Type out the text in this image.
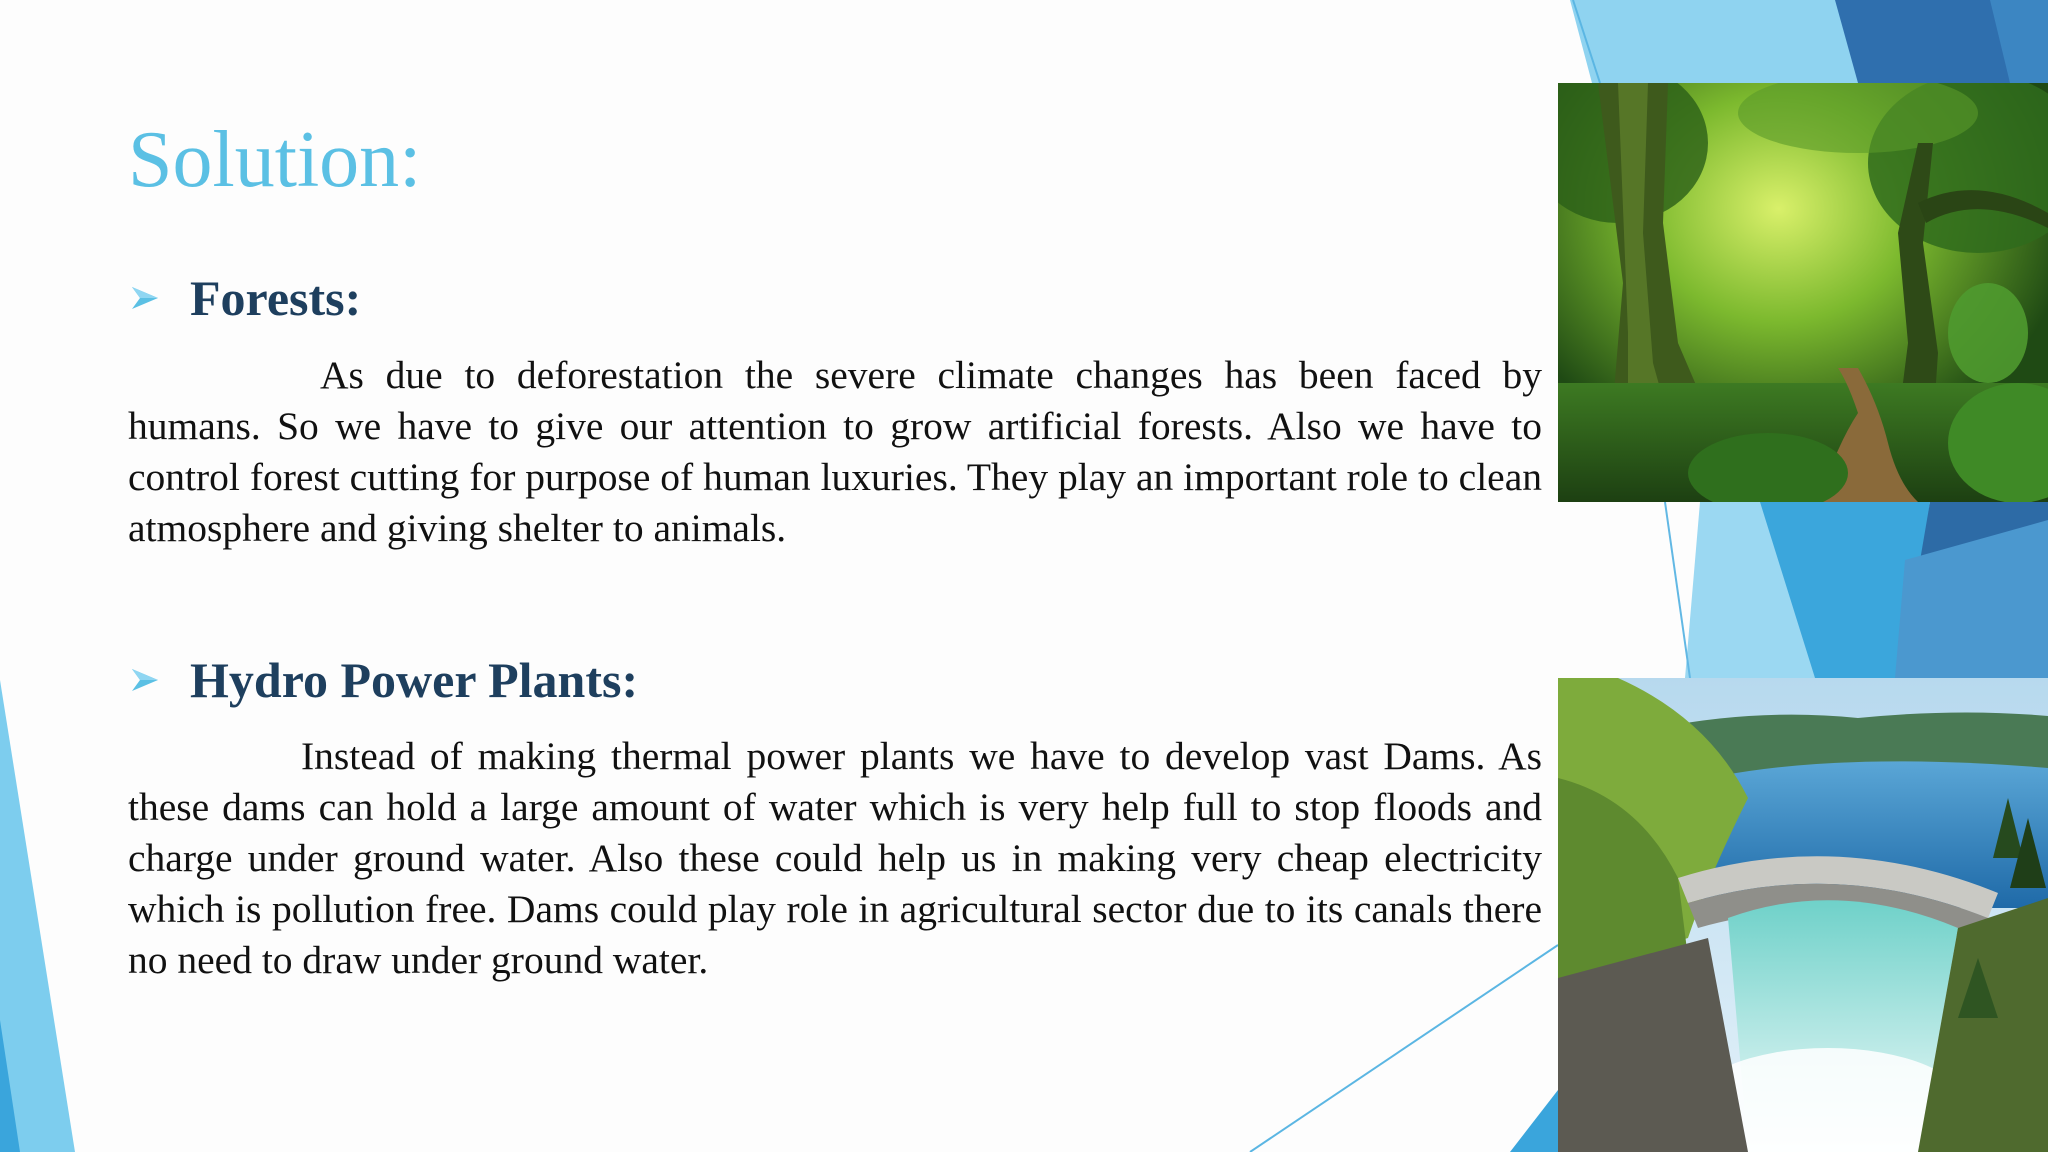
Solution:
Forests:

As due to deforestation the severe climate changes has been faced by humans. So we have to give our attention to grow artificial forests. Also we have to control forest cutting for purpose of human luxuries. They play an important role to clean atmosphere and giving shelter to animals.

Hydro Power Plants:

Instead of making thermal power plants we have to develop vast Dams. As these dams can hold a large amount of water which is very help full to stop floods and charge under ground water. Also these could help us in making very cheap electricity which is pollution free. Dams could play role in agricultural sector due to its canals there no need to draw under ground water.
